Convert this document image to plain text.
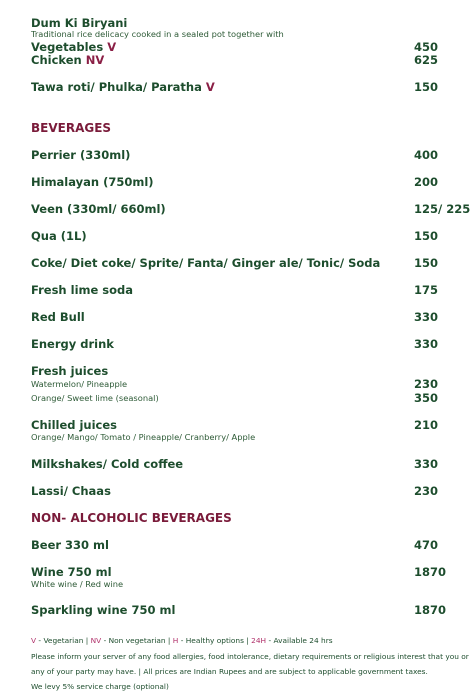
Dum Ki Biryani
Traditional rice delicacy cooked in a sealed pot together with
Vegetables V	450
Chicken NV	625
Tawa roti/ Phulka/ Paratha V	150
BEVERAGES
Perrier (330ml)	400
Himalayan (750ml)	200
Veen (330ml/ 660ml)	125/ 225
Qua (1L)	150
Coke/ Diet coke/ Sprite/ Fanta/ Ginger ale/ Tonic/ Soda	150
Fresh lime soda	175
Red Bull	330
Energy drink	330
Fresh juices
Watermelon/ Pineapple	230
Orange/ Sweet lime (seasonal)	350
Chilled juices	210
Orange/ Mango/ Tomato / Pineapple/ Cranberry/ Apple
Milkshakes/ Cold coffee	330
Lassi/ Chaas	230
NON- ALCOHOLIC BEVERAGES
Beer 330 ml	470
Wine 750 ml	1870
White wine / Red wine
Sparkling wine 750 ml	1870
V - Vegetarian | NV - Non vegetarian | H - Healthy options | 24H - Available 24 hrs
Please inform your server of any food allergies, food intolerance, dietary requirements or religious interest that you or
any of your party may have. | All prices are Indian Rupees and are subject to applicable government taxes.
We levy 5% service charge (optional)
